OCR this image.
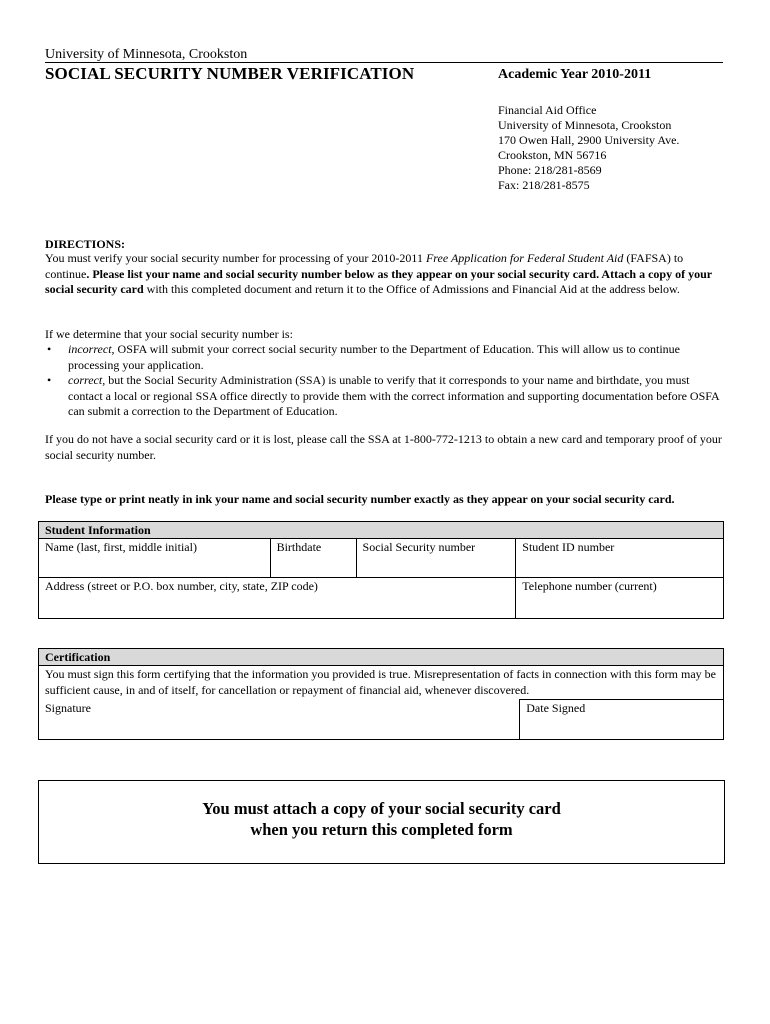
University of Minnesota, Crookston
SOCIAL SECURITY NUMBER VERIFICATION	Academic Year 2010-2011
Financial Aid Office
University of Minnesota, Crookston
170 Owen Hall, 2900 University Ave.
Crookston, MN 56716
Phone: 218/281-8569
Fax: 218/281-8575
DIRECTIONS:
You must verify your social security number for processing of your 2010-2011 Free Application for Federal Student Aid (FAFSA) to continue. Please list your name and social security number below as they appear on your social security card. Attach a copy of your social security card with this completed document and return it to the Office of Admissions and Financial Aid at the address below.
If we determine that your social security number is:
• incorrect, OSFA will submit your correct social security number to the Department of Education. This will allow us to continue processing your application.
• correct, but the Social Security Administration (SSA) is unable to verify that it corresponds to your name and birthdate, you must contact a local or regional SSA office directly to provide them with the correct information and supporting documentation before OSFA can submit a correction to the Department of Education.
If you do not have a social security card or it is lost, please call the SSA at 1-800-772-1213 to obtain a new card and temporary proof of your social security number.
Please type or print neatly in ink your name and social security number exactly as they appear on your social security card.
Student Information			
Name (last, first, middle initial)	Birthdate	Social Security number	Student ID number
Address (street or P.O. box number, city, state, ZIP code)			Telephone number (current)
Certification
You must sign this form certifying that the information you provided is true. Misrepresentation of facts in connection with this form may be sufficient cause, in and of itself, for cancellation or repayment of financial aid, whenever discovered.
Signature	Date Signed
You must attach a copy of your social security card
when you return this completed form
